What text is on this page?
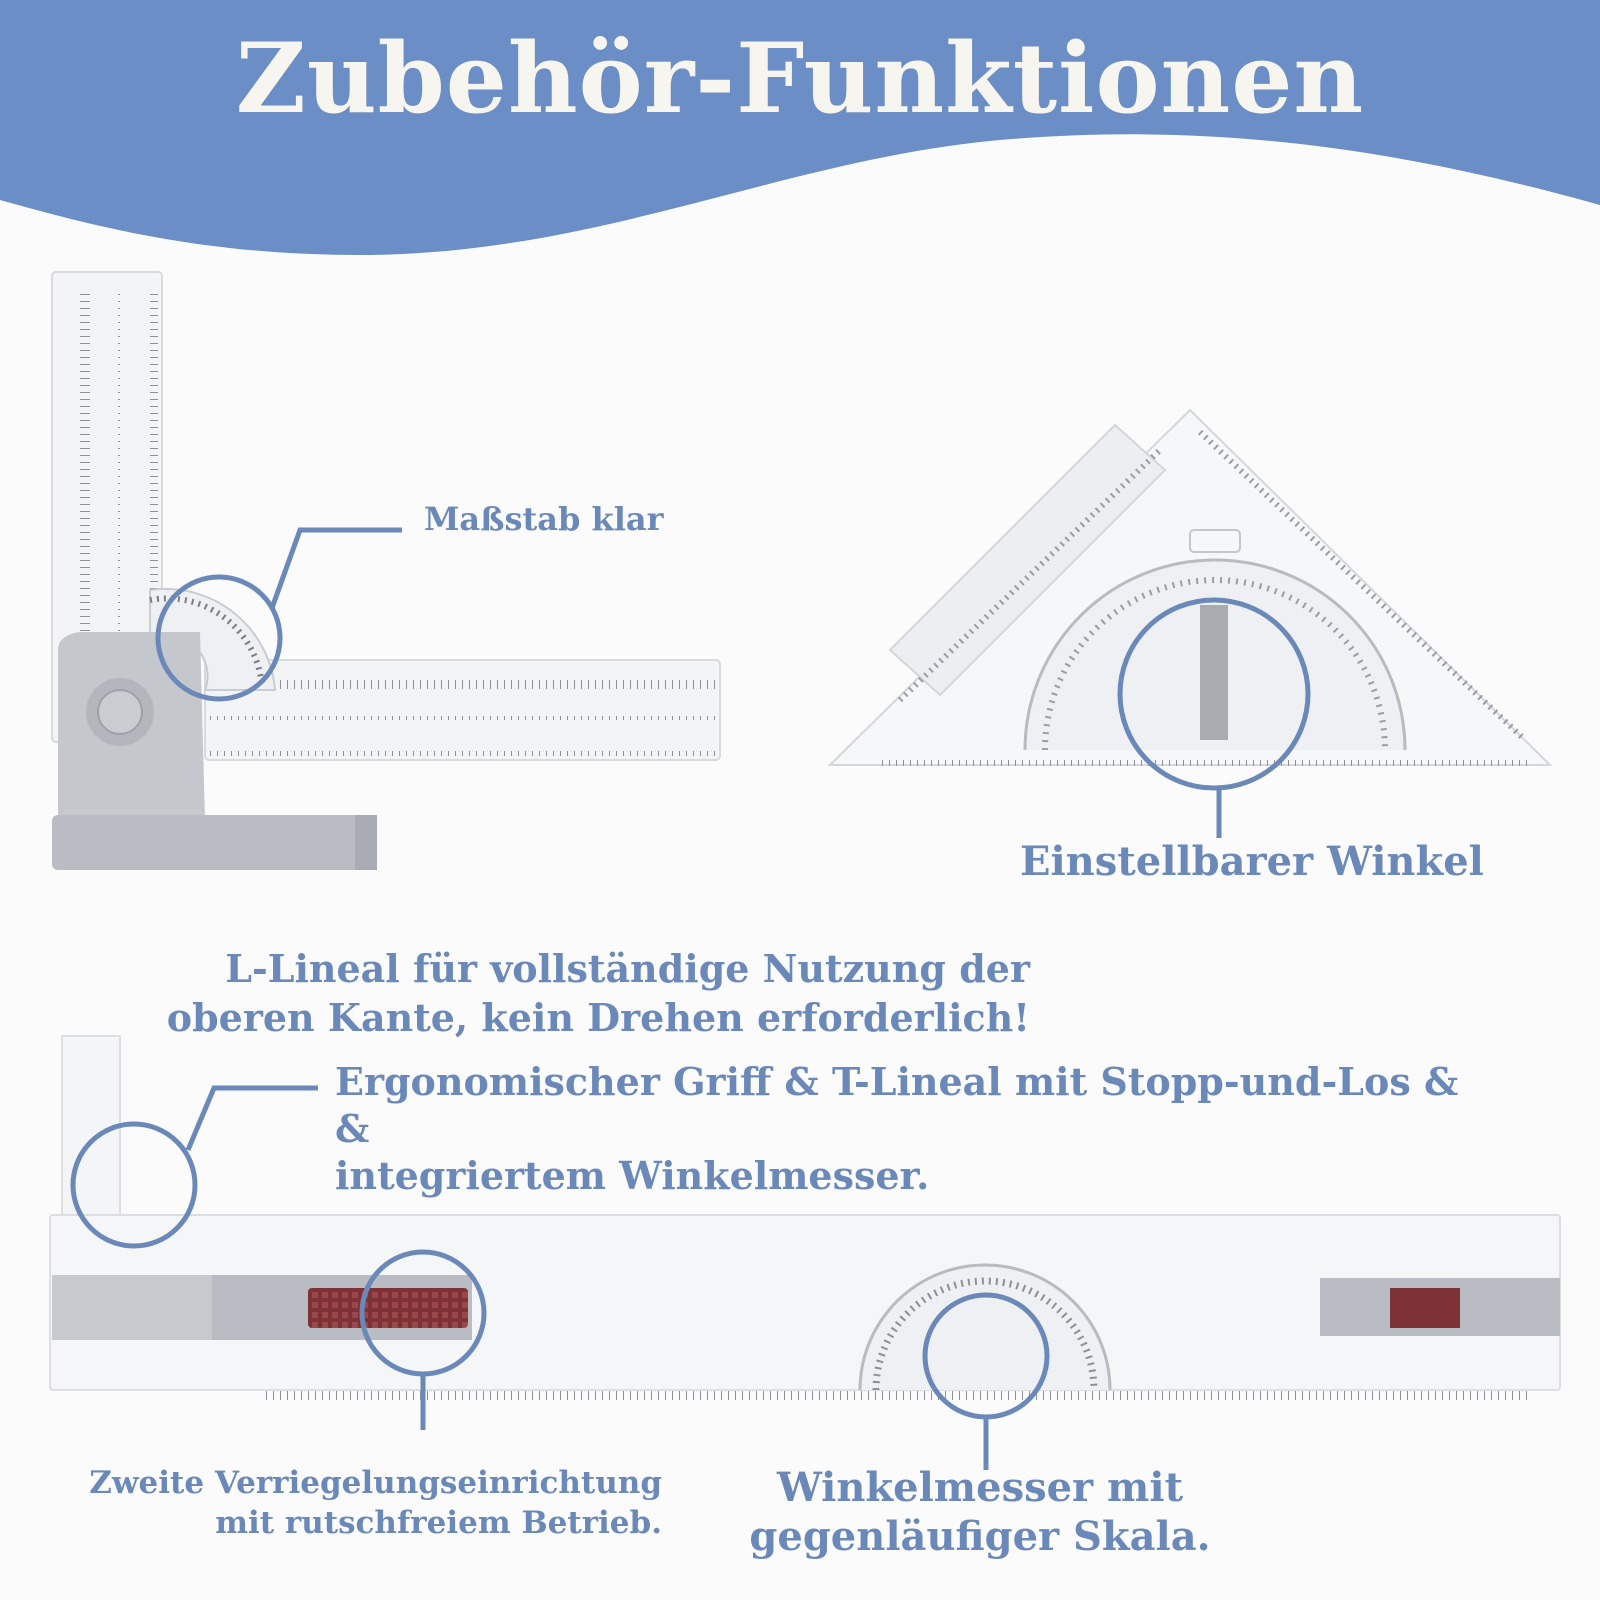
Zubehör-Funktionen

Maßstab klar

Einstellbarer Winkel

L-Lineal für vollständige Nutzung der
oberen Kante, kein Drehen erforderlich!

Ergonomischer Griff & T-Lineal mit Stopp-und-Los & &
integriertem Winkelmesser.

Zweite Verriegelungseinrichtung
mit rutschfreiem Betrieb.

Winkelmesser mit
gegenläufiger Skala.
